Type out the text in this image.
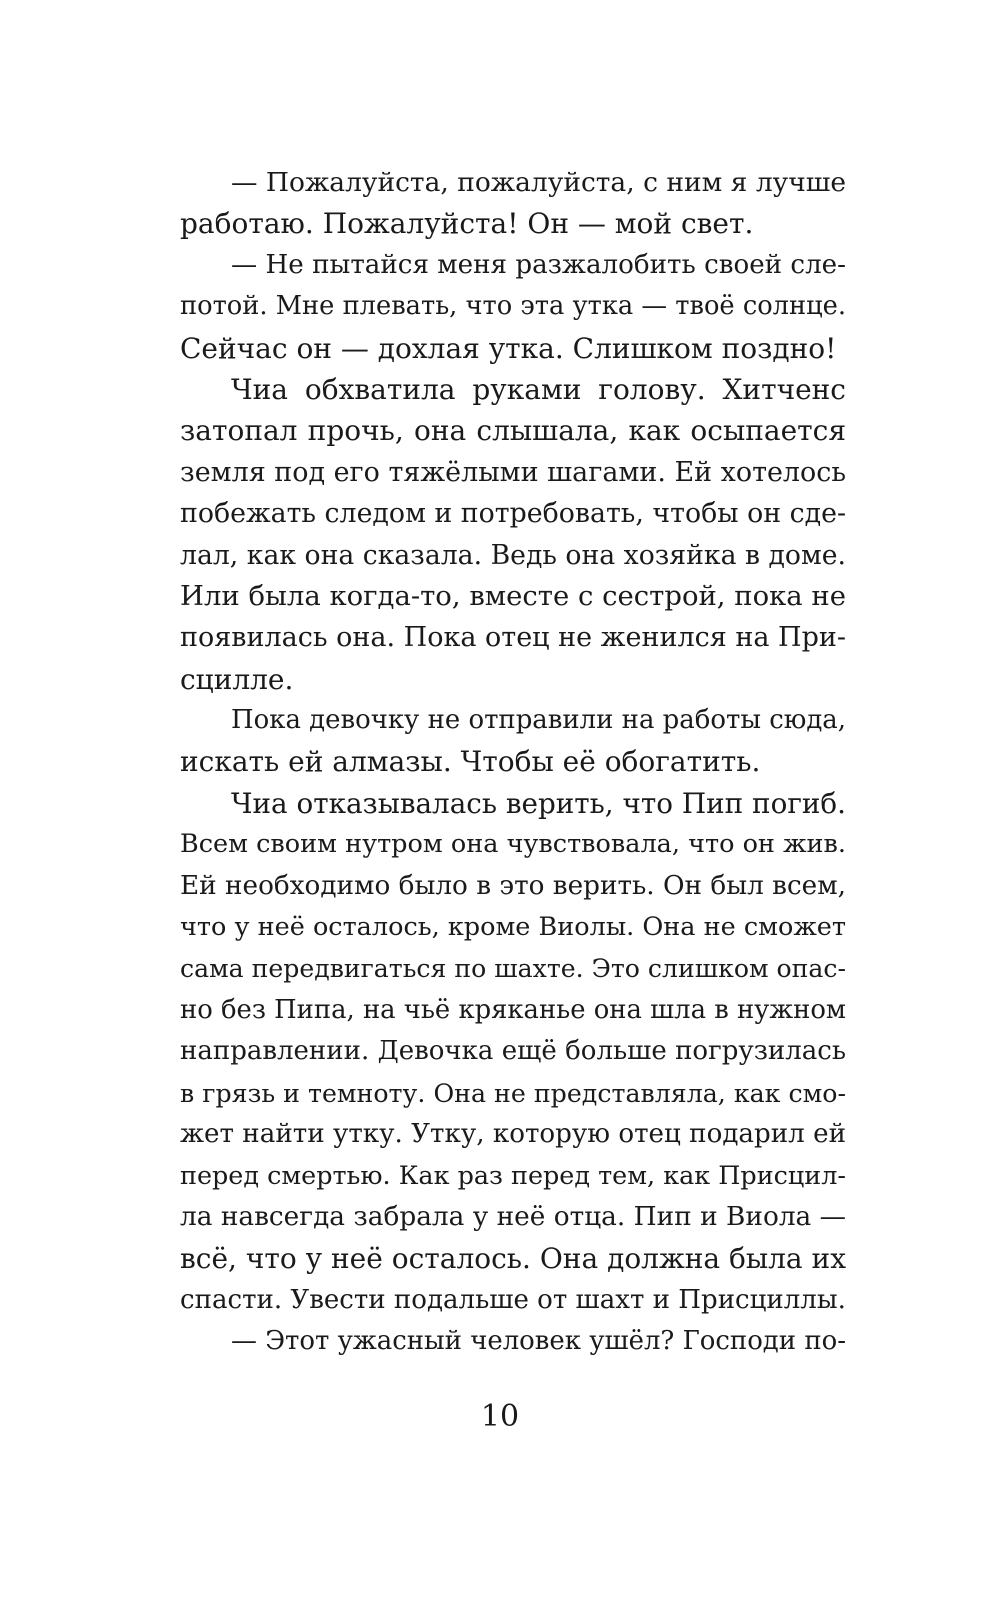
— Пожалуйста, пожалуйста, с ним я лучше
работаю. Пожалуйста! Он — мой свет.
— Не пытайся меня разжалобить своей сле-
потой. Мне плевать, что эта утка — твоё солнце.
Сейчас он — дохлая утка. Слишком поздно!
Чиа обхватила руками голову. Хитченс
затопал прочь, она слышала, как осыпается
земля под его тяжёлыми шагами. Ей хотелось
побежать следом и потребовать, чтобы он сде-
лал, как она сказала. Ведь она хозяйка в доме.
Или была когда-то, вместе с сестрой, пока не
появилась она. Пока отец не женился на При-
сцилле.
Пока девочку не отправили на работы сюда,
искать ей алмазы. Чтобы её обогатить.
Чиа отказывалась верить, что Пип погиб.
Всем своим нутром она чувствовала, что он жив.
Ей необходимо было в это верить. Он был всем,
что у неё осталось, кроме Виолы. Она не сможет
сама передвигаться по шахте. Это слишком опас-
но без Пипа, на чьё кряканье она шла в нужном
направлении. Девочка ещё больше погрузилась
в грязь и темноту. Она не представляла, как смо-
жет найти утку. Утку, которую отец подарил ей
перед смертью. Как раз перед тем, как Присцил-
ла навсегда забрала у неё отца. Пип и Виола —
всё, что у неё осталось. Она должна была их
спасти. Увести подальше от шахт и Присциллы.
— Этот ужасный человек ушёл? Господи по-
10
